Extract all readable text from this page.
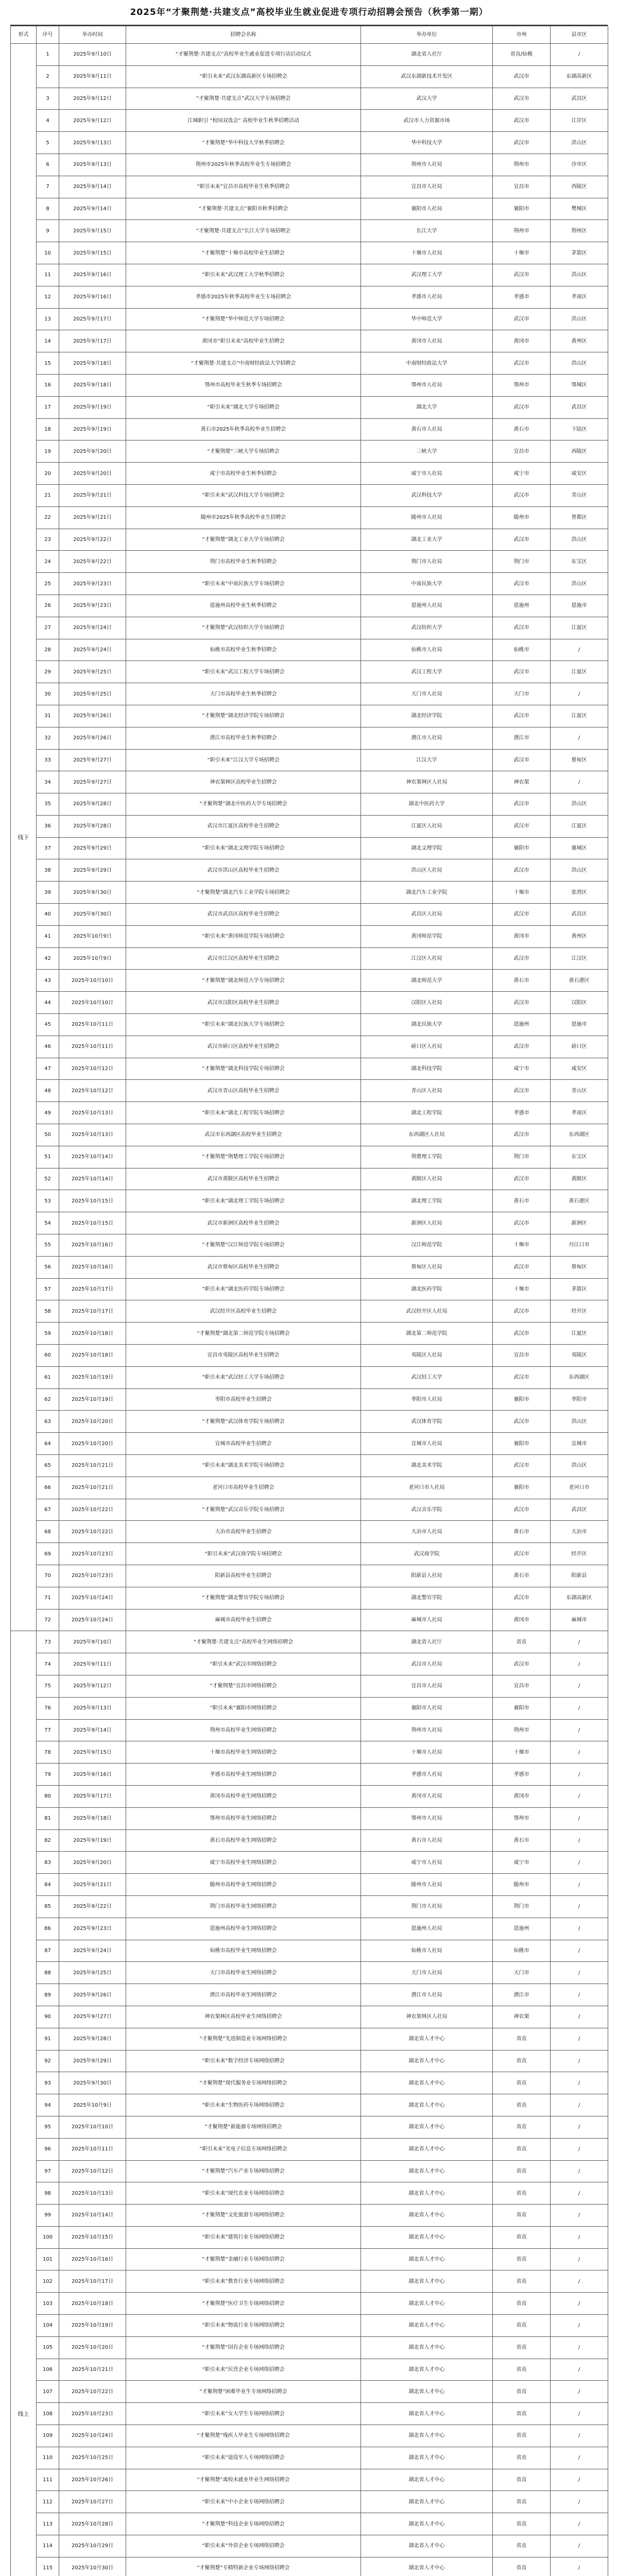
2025年“才聚荆楚·共建支点”高校毕业生就业促进专项行动招聘会预告（秋季第一期）
形式	序号	举办时间	招聘会名称	举办单位	市州	县市区
线下	1	2025年9月10日	“才聚荆楚·共建支点”高校毕业生就业促进专项行动启动仪式	湖北省人社厅	省直/仙桃	/
	2	2025年9月11日	“职引未来”武汉东湖高新区专场招聘会	武汉东湖新技术开发区	武汉市	东湖高新区
	3	2025年9月12日	“才聚荆楚·共建支点”武汉大学专场招聘会	武汉大学	武汉市	武昌区
	4	2025年9月12日	江城职引 “校园双选会” 高校毕业生秋季招聘活动	武汉市人力资源市场	武汉市	江岸区
	5	2025年9月13日	“才聚荆楚”华中科技大学秋季招聘会	华中科技大学	武汉市	洪山区
	6	2025年9月13日	荆州市2025年秋季高校毕业生专场招聘会	荆州市人社局	荆州市	沙市区
	7	2025年9月14日	“职引未来”宜昌市高校毕业生秋季招聘会	宜昌市人社局	宜昌市	西陵区
	8	2025年9月14日	“才聚荆楚·共建支点”襄阳市秋季招聘会	襄阳市人社局	襄阳市	樊城区
	9	2025年9月15日	“才聚荆楚·共建支点”长江大学专场招聘会	长江大学	荆州市	荆州区
	10	2025年9月15日	“才聚荆楚”十堰市高校毕业生招聘会	十堰市人社局	十堰市	茅箭区
	11	2025年9月16日	“职引未来”武汉理工大学秋季招聘会	武汉理工大学	武汉市	洪山区
	12	2025年9月16日	孝感市2025年秋季高校毕业生专场招聘会	孝感市人社局	孝感市	孝南区
	13	2025年9月17日	“才聚荆楚”华中师范大学专场招聘会	华中师范大学	武汉市	洪山区
	14	2025年9月17日	黄冈市“职引未来”高校毕业生招聘会	黄冈市人社局	黄冈市	黄州区
	15	2025年9月18日	“才聚荆楚·共建支点”中南财经政法大学招聘会	中南财经政法大学	武汉市	洪山区
	16	2025年9月18日	鄂州市高校毕业生秋季专场招聘会	鄂州市人社局	鄂州市	鄂城区
	17	2025年9月19日	“职引未来”湖北大学专场招聘会	湖北大学	武汉市	武昌区
	18	2025年9月19日	黄石市2025年秋季高校毕业生招聘会	黄石市人社局	黄石市	下陆区
	19	2025年9月20日	“才聚荆楚”三峡大学专场招聘会	三峡大学	宜昌市	西陵区
	20	2025年9月20日	咸宁市高校毕业生秋季招聘会	咸宁市人社局	咸宁市	咸安区
	21	2025年9月21日	“职引未来”武汉科技大学专场招聘会	武汉科技大学	武汉市	青山区
	22	2025年9月21日	随州市2025年秋季高校毕业生招聘会	随州市人社局	随州市	曾都区
	23	2025年9月22日	“才聚荆楚”湖北工业大学专场招聘会	湖北工业大学	武汉市	洪山区
	24	2025年9月22日	荆门市高校毕业生秋季招聘会	荆门市人社局	荆门市	东宝区
	25	2025年9月23日	“职引未来”中南民族大学专场招聘会	中南民族大学	武汉市	洪山区
	26	2025年9月23日	恩施州高校毕业生秋季招聘会	恩施州人社局	恩施州	恩施市
	27	2025年9月24日	“才聚荆楚”武汉纺织大学专场招聘会	武汉纺织大学	武汉市	江夏区
	28	2025年9月24日	仙桃市高校毕业生秋季招聘会	仙桃市人社局	仙桃市	/
	29	2025年9月25日	“职引未来”武汉工程大学专场招聘会	武汉工程大学	武汉市	江夏区
	30	2025年9月25日	天门市高校毕业生秋季招聘会	天门市人社局	天门市	/
	31	2025年9月26日	“才聚荆楚”湖北经济学院专场招聘会	湖北经济学院	武汉市	江夏区
	32	2025年9月26日	潜江市高校毕业生秋季招聘会	潜江市人社局	潜江市	/
	33	2025年9月27日	“职引未来”江汉大学专场招聘会	江汉大学	武汉市	蔡甸区
	34	2025年9月27日	神农架林区高校毕业生招聘会	神农架林区人社局	神农架	/
	35	2025年9月28日	“才聚荆楚”湖北中医药大学专场招聘会	湖北中医药大学	武汉市	洪山区
	36	2025年9月28日	武汉市江夏区高校毕业生招聘会	江夏区人社局	武汉市	江夏区
	37	2025年9月29日	“职引未来”湖北文理学院专场招聘会	湖北文理学院	襄阳市	襄城区
	38	2025年9月29日	武汉市洪山区高校毕业生招聘会	洪山区人社局	武汉市	洪山区
	39	2025年9月30日	“才聚荆楚”湖北汽车工业学院专场招聘会	湖北汽车工业学院	十堰市	张湾区
	40	2025年9月30日	武汉市武昌区高校毕业生招聘会	武昌区人社局	武汉市	武昌区
	41	2025年10月9日	“职引未来”黄冈师范学院专场招聘会	黄冈师范学院	黄冈市	黄州区
	42	2025年10月9日	武汉市江汉区高校毕业生招聘会	江汉区人社局	武汉市	江汉区
	43	2025年10月10日	“才聚荆楚”湖北师范大学专场招聘会	湖北师范大学	黄石市	黄石港区
	44	2025年10月10日	武汉市汉阳区高校毕业生招聘会	汉阳区人社局	武汉市	汉阳区
	45	2025年10月11日	“职引未来”湖北民族大学专场招聘会	湖北民族大学	恩施州	恩施市
	46	2025年10月11日	武汉市硚口区高校毕业生招聘会	硚口区人社局	武汉市	硚口区
	47	2025年10月12日	“才聚荆楚”湖北科技学院专场招聘会	湖北科技学院	咸宁市	咸安区
	48	2025年10月12日	武汉市青山区高校毕业生招聘会	青山区人社局	武汉市	青山区
	49	2025年10月13日	“职引未来”湖北工程学院专场招聘会	湖北工程学院	孝感市	孝南区
	50	2025年10月13日	武汉市东西湖区高校毕业生招聘会	东西湖区人社局	武汉市	东西湖区
	51	2025年10月14日	“才聚荆楚”荆楚理工学院专场招聘会	荆楚理工学院	荆门市	东宝区
	52	2025年10月14日	武汉市黄陂区高校毕业生招聘会	黄陂区人社局	武汉市	黄陂区
	53	2025年10月15日	“职引未来”湖北理工学院专场招聘会	湖北理工学院	黄石市	黄石港区
	54	2025年10月15日	武汉市新洲区高校毕业生招聘会	新洲区人社局	武汉市	新洲区
	55	2025年10月16日	“才聚荆楚”汉江师范学院专场招聘会	汉江师范学院	十堰市	丹江口市
	56	2025年10月16日	武汉市蔡甸区高校毕业生招聘会	蔡甸区人社局	武汉市	蔡甸区
	57	2025年10月17日	“职引未来”湖北医药学院专场招聘会	湖北医药学院	十堰市	茅箭区
	58	2025年10月17日	武汉经开区高校毕业生招聘会	武汉经开区人社局	武汉市	经开区
	59	2025年10月18日	“才聚荆楚”湖北第二师范学院专场招聘会	湖北第二师范学院	武汉市	江夏区
	60	2025年10月18日	宜昌市夷陵区高校毕业生招聘会	夷陵区人社局	宜昌市	夷陵区
	61	2025年10月19日	“职引未来”武汉轻工大学专场招聘会	武汉轻工大学	武汉市	东西湖区
	62	2025年10月19日	枣阳市高校毕业生招聘会	枣阳市人社局	襄阳市	枣阳市
	63	2025年10月20日	“才聚荆楚”武汉体育学院专场招聘会	武汉体育学院	武汉市	洪山区
	64	2025年10月20日	宜城市高校毕业生招聘会	宜城市人社局	襄阳市	宜城市
	65	2025年10月21日	“职引未来”湖北美术学院专场招聘会	湖北美术学院	武汉市	洪山区
	66	2025年10月21日	老河口市高校毕业生招聘会	老河口市人社局	襄阳市	老河口市
	67	2025年10月22日	“才聚荆楚”武汉音乐学院专场招聘会	武汉音乐学院	武汉市	武昌区
	68	2025年10月22日	大冶市高校毕业生招聘会	大冶市人社局	黄石市	大冶市
	69	2025年10月23日	“职引未来”武汉商学院专场招聘会	武汉商学院	武汉市	经开区
	70	2025年10月23日	阳新县高校毕业生招聘会	阳新县人社局	黄石市	阳新县
	71	2025年10月24日	“才聚荆楚”湖北警官学院专场招聘会	湖北警官学院	武汉市	东湖高新区
	72	2025年10月24日	麻城市高校毕业生招聘会	麻城市人社局	黄冈市	麻城市
线上	73	2025年9月10日	“才聚荆楚·共建支点”高校毕业生网络招聘会	湖北省人社厅	省直	/
	74	2025年9月11日	“职引未来”武汉市网络招聘会	武汉市人社局	武汉市	/
	75	2025年9月12日	“才聚荆楚”宜昌市网络招聘会	宜昌市人社局	宜昌市	/
	76	2025年9月13日	“职引未来”襄阳市网络招聘会	襄阳市人社局	襄阳市	/
	77	2025年9月14日	荆州市高校毕业生网络招聘会	荆州市人社局	荆州市	/
	78	2025年9月15日	十堰市高校毕业生网络招聘会	十堰市人社局	十堰市	/
	79	2025年9月16日	孝感市高校毕业生网络招聘会	孝感市人社局	孝感市	/
	80	2025年9月17日	黄冈市高校毕业生网络招聘会	黄冈市人社局	黄冈市	/
	81	2025年9月18日	鄂州市高校毕业生网络招聘会	鄂州市人社局	鄂州市	/
	82	2025年9月19日	黄石市高校毕业生网络招聘会	黄石市人社局	黄石市	/
	83	2025年9月20日	咸宁市高校毕业生网络招聘会	咸宁市人社局	咸宁市	/
	84	2025年9月21日	随州市高校毕业生网络招聘会	随州市人社局	随州市	/
	85	2025年9月22日	荆门市高校毕业生网络招聘会	荆门市人社局	荆门市	/
	86	2025年9月23日	恩施州高校毕业生网络招聘会	恩施州人社局	恩施州	/
	87	2025年9月24日	仙桃市高校毕业生网络招聘会	仙桃市人社局	仙桃市	/
	88	2025年9月25日	天门市高校毕业生网络招聘会	天门市人社局	天门市	/
	89	2025年9月26日	潜江市高校毕业生网络招聘会	潜江市人社局	潜江市	/
	90	2025年9月27日	神农架林区高校毕业生网络招聘会	神农架林区人社局	神农架	/
	91	2025年9月28日	“才聚荆楚”先进制造业专场网络招聘会	湖北省人才中心	省直	/
	92	2025年9月29日	“职引未来”数字经济专场网络招聘会	湖北省人才中心	省直	/
	93	2025年9月30日	“才聚荆楚”现代服务业专场网络招聘会	湖北省人才中心	省直	/
	94	2025年10月9日	“职引未来”生物医药专场网络招聘会	湖北省人才中心	省直	/
	95	2025年10月10日	“才聚荆楚”新能源专场网络招聘会	湖北省人才中心	省直	/
	96	2025年10月11日	“职引未来”光电子信息专场网络招聘会	湖北省人才中心	省直	/
	97	2025年10月12日	“才聚荆楚”汽车产业专场网络招聘会	湖北省人才中心	省直	/
	98	2025年10月13日	“职引未来”现代农业专场网络招聘会	湖北省人才中心	省直	/
	99	2025年10月14日	“才聚荆楚”文化旅游专场网络招聘会	湖北省人才中心	省直	/
	100	2025年10月15日	“职引未来”建筑行业专场网络招聘会	湖北省人才中心	省直	/
	101	2025年10月16日	“才聚荆楚”金融行业专场网络招聘会	湖北省人才中心	省直	/
	102	2025年10月17日	“职引未来”教育行业专场网络招聘会	湖北省人才中心	省直	/
	103	2025年10月18日	“才聚荆楚”医疗卫生专场网络招聘会	湖北省人才中心	省直	/
	104	2025年10月19日	“职引未来”物流行业专场网络招聘会	湖北省人才中心	省直	/
	105	2025年10月20日	“才聚荆楚”国有企业专场网络招聘会	湖北省人才中心	省直	/
	106	2025年10月21日	“职引未来”民营企业专场网络招聘会	湖北省人才中心	省直	/
	107	2025年10月22日	“才聚荆楚”困难毕业生专场网络招聘会	湖北省人才中心	省直	/
	108	2025年10月23日	“职引未来”女大学生专场网络招聘会	湖北省人才中心	省直	/
	109	2025年10月24日	“才聚荆楚”残疾人毕业生专场网络招聘会	湖北省人才中心	省直	/
	110	2025年10月25日	“职引未来”退役军人专场网络招聘会	湖北省人才中心	省直	/
	111	2025年10月26日	“才聚荆楚”离校未就业毕业生网络招聘会	湖北省人才中心	省直	/
	112	2025年10月27日	“职引未来”中小企业专场网络招聘会	湖北省人才中心	省直	/
	113	2025年10月28日	“才聚荆楚”科技企业专场网络招聘会	湖北省人才中心	省直	/
	114	2025年10月29日	“职引未来”外资企业专场网络招聘会	湖北省人才中心	省直	/
	115	2025年10月30日	“才聚荆楚”专精特新企业专场网络招聘会	湖北省人才中心	省直	/
